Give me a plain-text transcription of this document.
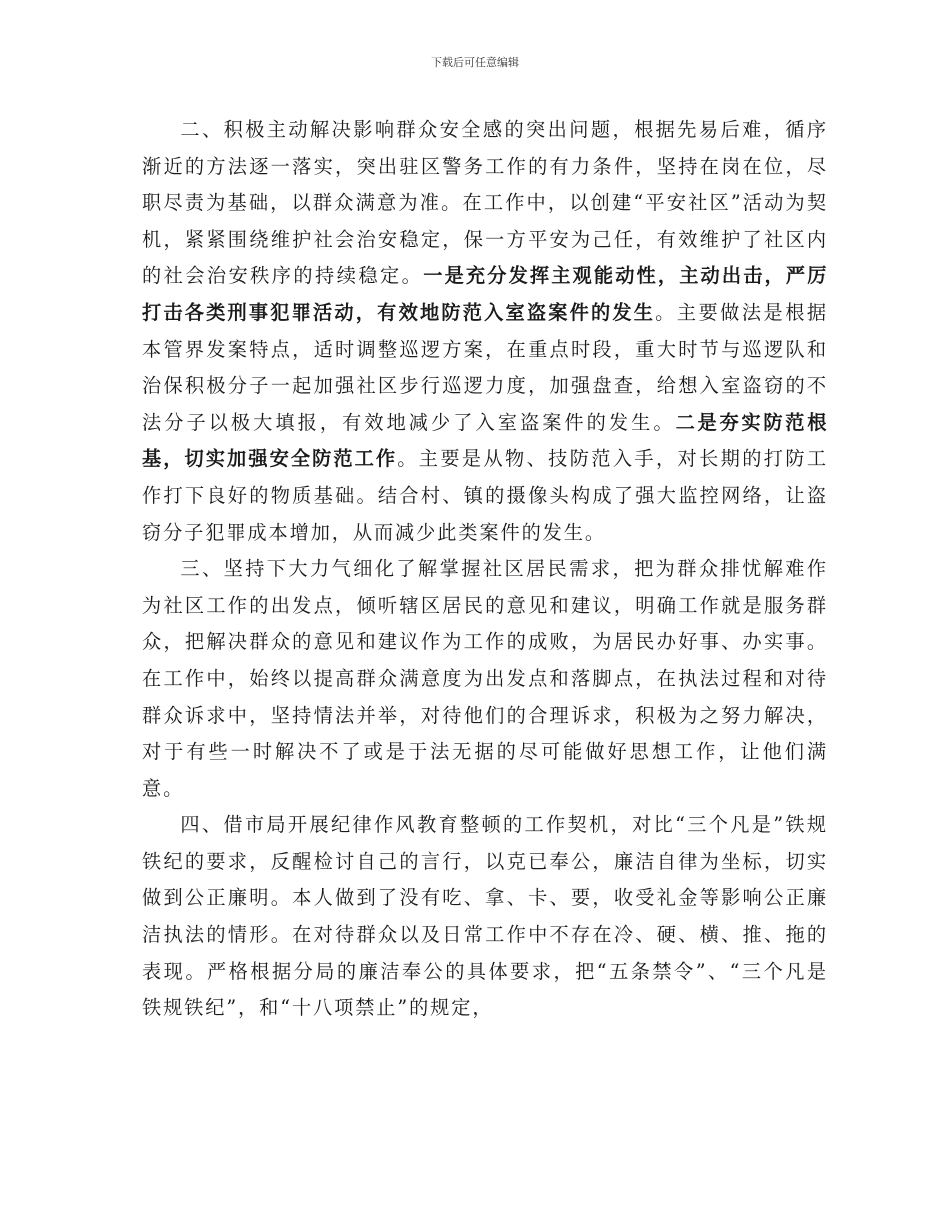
下载后可任意编辑

二、积极主动解决影响群众安全感的突出问题，根据先易后难，循序渐近的方法逐一落实，突出驻区警务工作的有力条件，坚持在岗在位，尽职尽责为基础，以群众满意为准。在工作中，以创建“平安社区”活动为契机，紧紧围绕维护社会治安稳定，保一方平安为己任，有效维护了社区内的社会治安秩序的持续稳定。一是充分发挥主观能动性，主动出击，严厉打击各类刑事犯罪活动，有效地防范入室盗案件的发生。主要做法是根据本管界发案特点，适时调整巡逻方案，在重点时段，重大时节与巡逻队和治保积极分子一起加强社区步行巡逻力度，加强盘查，给想入室盗窃的不法分子以极大填报，有效地减少了入室盗案件的发生。二是夯实防范根基，切实加强安全防范工作。主要是从物、技防范入手，对长期的打防工作打下良好的物质基础。结合村、镇的摄像头构成了强大监控网络，让盗窃分子犯罪成本增加，从而减少此类案件的发生。

三、坚持下大力气细化了解掌握社区居民需求，把为群众排忧解难作为社区工作的出发点，倾听辖区居民的意见和建议，明确工作就是服务群众，把解决群众的意见和建议作为工作的成败，为居民办好事、办实事。在工作中，始终以提高群众满意度为出发点和落脚点，在执法过程和对待群众诉求中，坚持情法并举，对待他们的合理诉求，积极为之努力解决，对于有些一时解决不了或是于法无据的尽可能做好思想工作，让他们满意。

四、借市局开展纪律作风教育整顿的工作契机，对比“三个凡是”铁规铁纪的要求，反醒检讨自己的言行，以克已奉公，廉洁自律为坐标，切实做到公正廉明。本人做到了没有吃、拿、卡、要，收受礼金等影响公正廉洁执法的情形。在对待群众以及日常工作中不存在冷、硬、横、推、拖的表现。严格根据分局的廉洁奉公的具体要求，把“五条禁令”、“三个凡是铁规铁纪”，和“十八项禁止”的规定，
